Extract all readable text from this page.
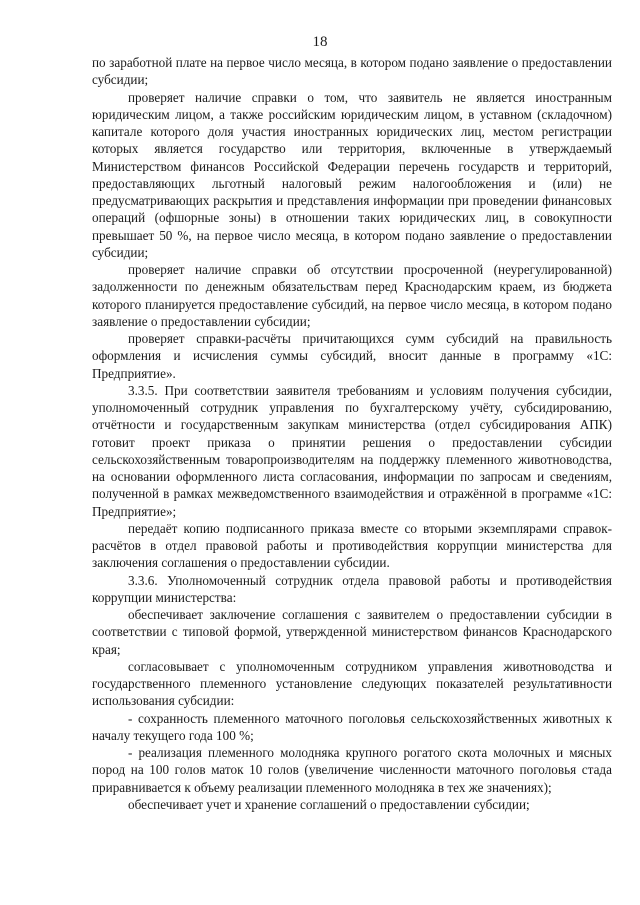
18

по заработной плате на первое число месяца, в котором подано заявление о предоставлении субсидии;

проверяет наличие справки о том, что заявитель не является иностранным юридическим лицом, а также российским юридическим лицом, в уставном (складочном) капитале которого доля участия иностранных юридических лиц, местом регистрации которых является государство или территория, включенные в утверждаемый Министерством финансов Российской Федерации перечень государств и территорий, предоставляющих льготный налоговый режим налогообложения и (или) не предусматривающих раскрытия и представления информации при проведении финансовых операций (офшорные зоны) в отношении таких юридических лиц, в совокупности превышает 50 %, на первое число месяца, в котором подано заявление о предоставлении субсидии;

проверяет наличие справки об отсутствии просроченной (неурегулированной) задолженности по денежным обязательствам перед Краснодарским краем, из бюджета которого планируется предоставление субсидий, на первое число месяца, в котором подано заявление о предоставлении субсидии;

проверяет справки-расчёты причитающихся сумм субсидий на правильность оформления и исчисления суммы субсидий, вносит данные в программу «1С: Предприятие».

3.3.5. При соответствии заявителя требованиям и условиям получения субсидии, уполномоченный сотрудник управления по бухгалтерскому учёту, субсидированию, отчётности и государственным закупкам министерства (отдел субсидирования АПК) готовит проект приказа о принятии решения о предоставлении субсидии сельскохозяйственным товаропроизводителям на поддержку племенного животноводства, на основании оформленного листа согласования, информации по запросам и сведениям, полученной в рамках межведомственного взаимодействия и отражённой в программе «1С: Предприятие»;

передаёт копию подписанного приказа вместе со вторыми экземплярами справок-расчётов в отдел правовой работы и противодействия коррупции министерства для заключения соглашения о предоставлении субсидии.

3.3.6. Уполномоченный сотрудник отдела правовой работы и противодействия коррупции министерства:

обеспечивает заключение соглашения с заявителем о предоставлении субсидии в соответствии с типовой формой, утвержденной министерством финансов Краснодарского края;

согласовывает с уполномоченным сотрудником управления животноводства и государственного племенного установление следующих показателей результативности использования субсидии:

- сохранность племенного маточного поголовья сельскохозяйственных животных к началу текущего года 100 %;

- реализация племенного молодняка крупного рогатого скота молочных и мясных пород на 100 голов маток 10 голов (увеличение численности маточного поголовья стада приравнивается к объему реализации племенного молодняка в тех же значениях);

обеспечивает учет и хранение соглашений о предоставлении субсидии;
